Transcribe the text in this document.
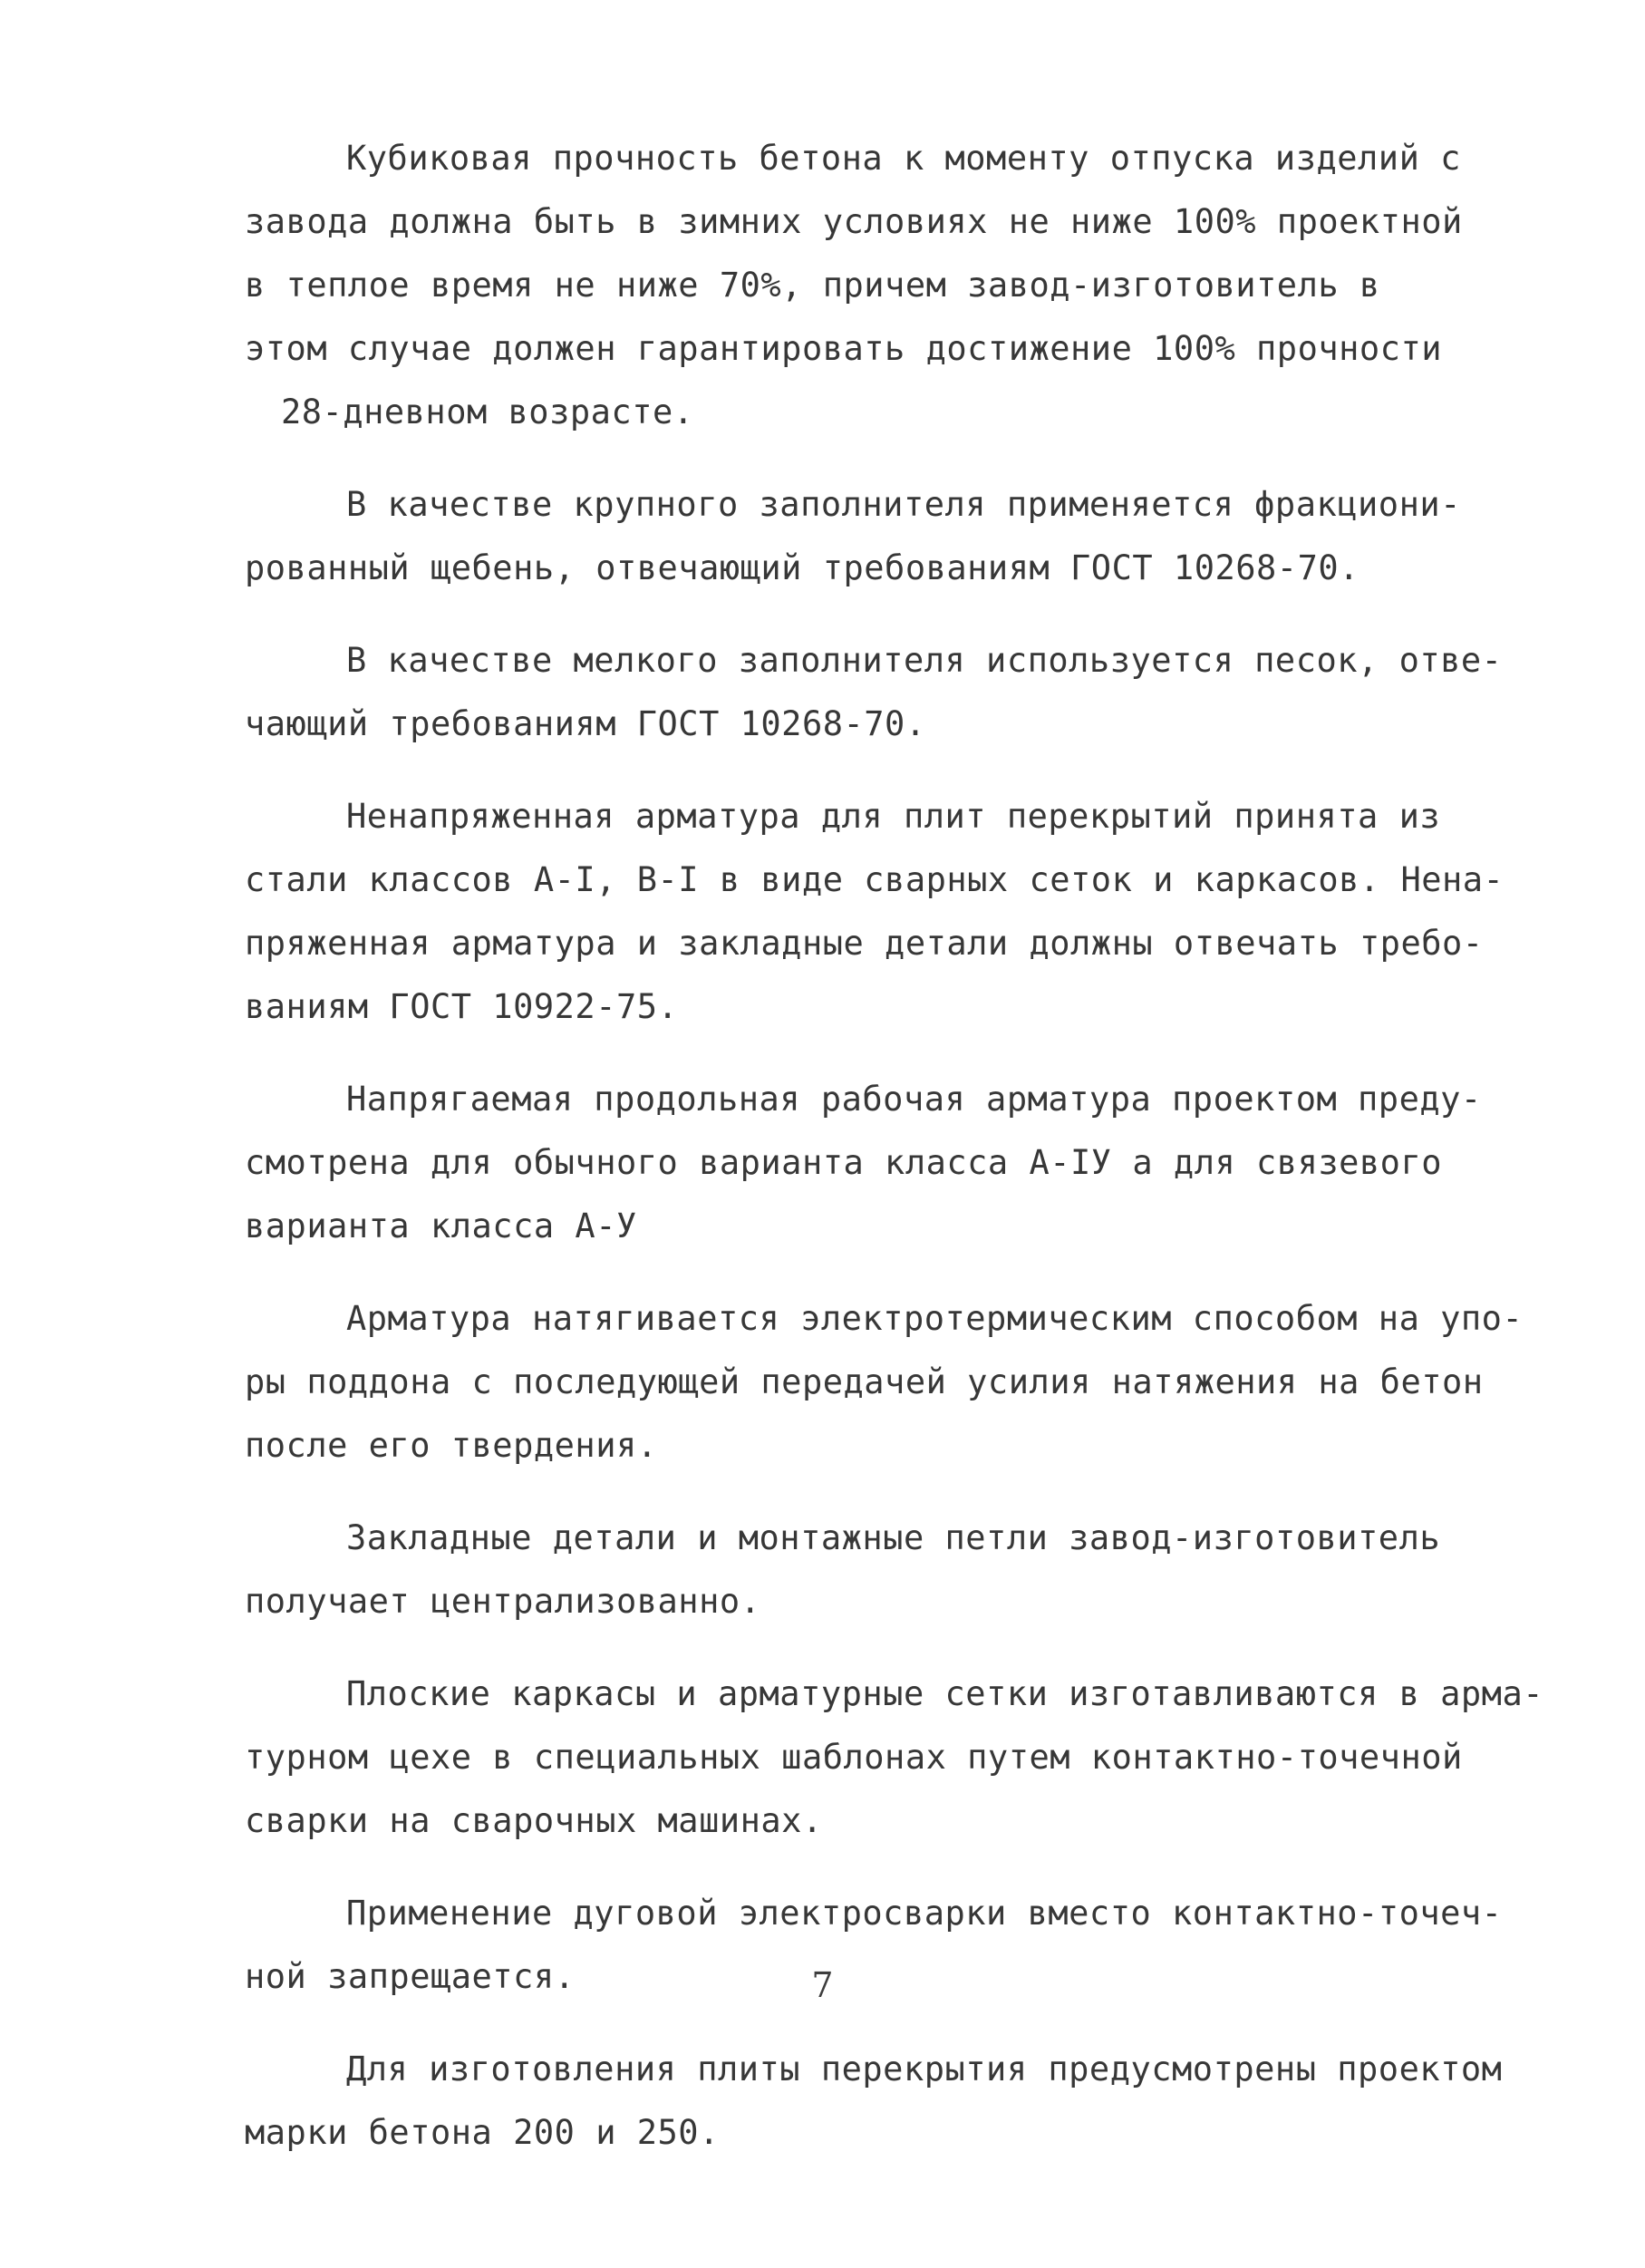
Кубиковая прочность бетона к моменту отпуска изделий с
завода должна быть в зимних условиях не ниже 100% проектной
в теплое время не ниже 70%, причем завод-изготовитель в
этом случае должен гарантировать достижение 100% прочности
28-дневном возрасте.
В качестве крупного заполнителя применяется фракциони-
рованный щебень, отвечающий требованиям ГОСТ 10268-70.
В качестве мелкого заполнителя используется песок, отве-
чающий требованиям ГОСТ 10268-70.
Ненапряженная арматура для плит перекрытий принята из
стали классов А-I, В-I в виде сварных сеток и каркасов. Нена-
пряженная арматура и закладные детали должны отвечать требо-
ваниям ГОСТ 10922-75.
Напрягаемая продольная рабочая арматура проектом преду-
смотрена для обычного варианта класса А-IУ а для связевого
варианта класса А-У
Арматура натягивается электротермическим способом на упо-
ры поддона с последующей передачей усилия натяжения на бетон
после его твердения.
Закладные детали и монтажные петли завод-изготовитель
получает централизованно.
Плоские каркасы и арматурные сетки изготавливаются в арма-
турном цехе в специальных шаблонах путем контактно-точечной
сварки на сварочных машинах.
Применение дуговой электросварки вместо контактно-точеч-
ной запрещается.
Для изготовления плиты перекрытия предусмотрены проектом
марки бетона 200 и 250.
7
